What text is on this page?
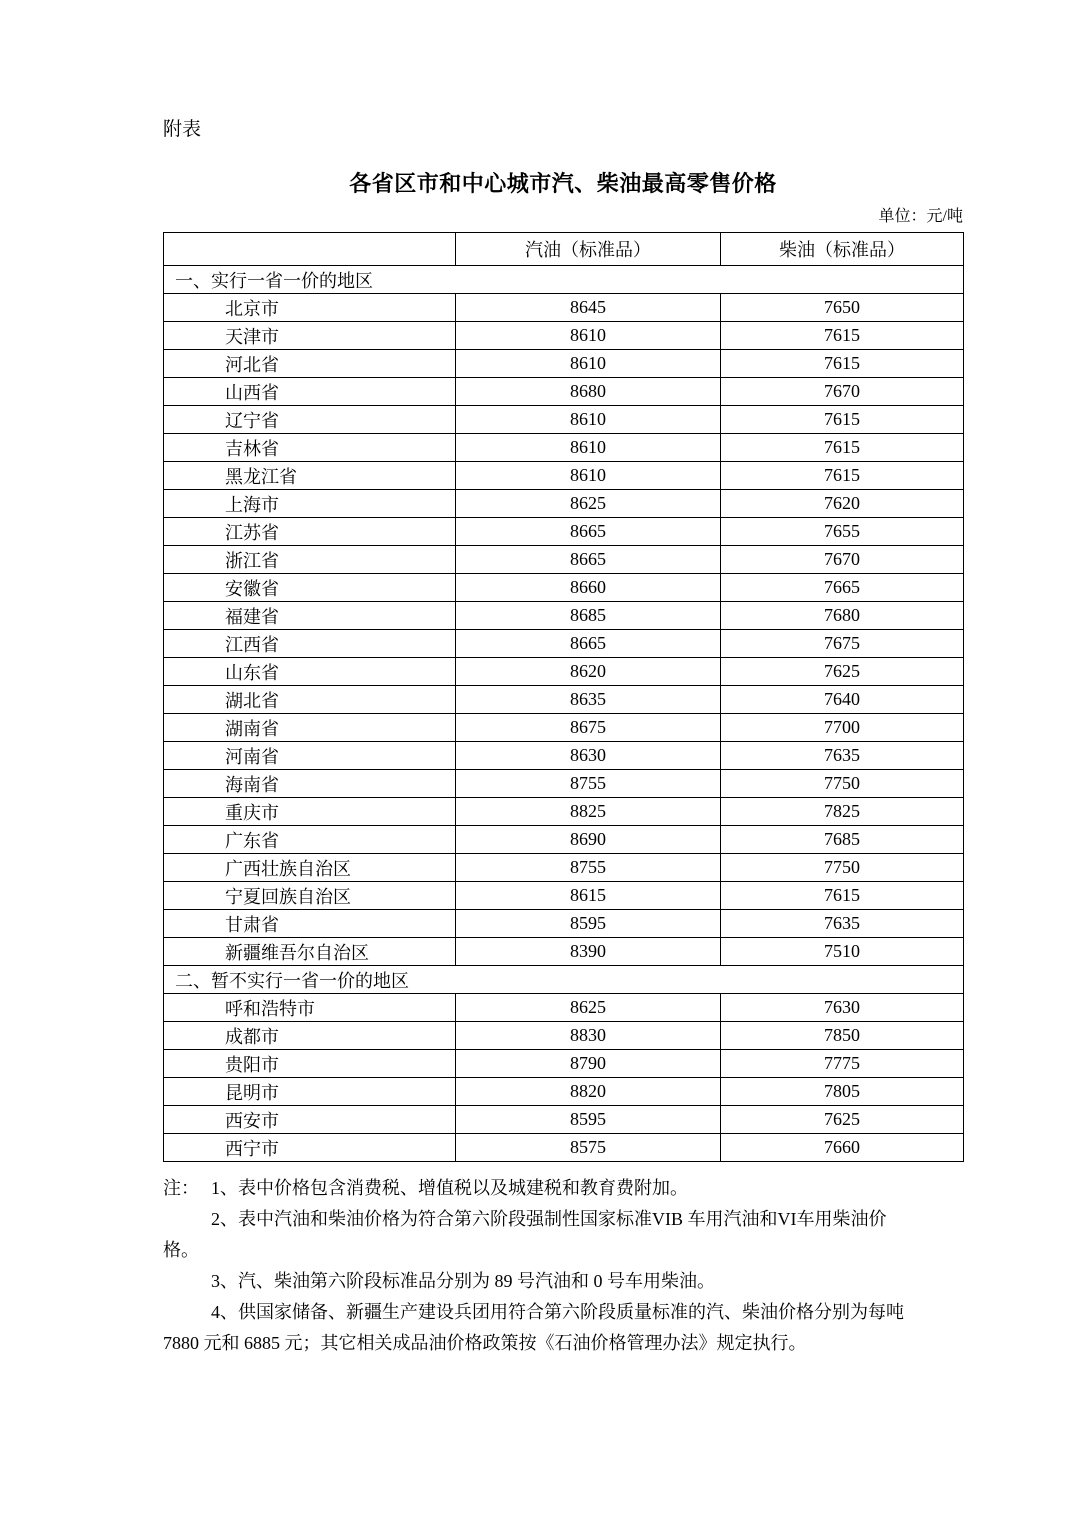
附表
各省区市和中心城市汽、柴油最高零售价格
单位：元/吨
	汽油（标准品）	柴油（标准品）
一、实行一省一价的地区		
北京市	8645	7650
天津市	8610	7615
河北省	8610	7615
山西省	8680	7670
辽宁省	8610	7615
吉林省	8610	7615
黑龙江省	8610	7615
上海市	8625	7620
江苏省	8665	7655
浙江省	8665	7670
安徽省	8660	7665
福建省	8685	7680
江西省	8665	7675
山东省	8620	7625
湖北省	8635	7640
湖南省	8675	7700
河南省	8630	7635
海南省	8755	7750
重庆市	8825	7825
广东省	8690	7685
广西壮族自治区	8755	7750
宁夏回族自治区	8615	7615
甘肃省	8595	7635
新疆维吾尔自治区	8390	7510
二、暂不实行一省一价的地区		
呼和浩特市	8625	7630
成都市	8830	7850
贵阳市	8790	7775
昆明市	8820	7805
西安市	8595	7625
西宁市	8575	7660

注： 1、表中价格包含消费税、增值税以及城建税和教育费附加。

2、表中汽油和柴油价格为符合第六阶段强制性国家标准VIB 车用汽油和VI车用柴油价

格。

3、汽、柴油第六阶段标准品分别为 89 号汽油和 0 号车用柴油。

4、供国家储备、新疆生产建设兵团用符合第六阶段质量标准的汽、柴油价格分别为每吨

7880 元和 6885 元；其它相关成品油价格政策按《石油价格管理办法》规定执行。
